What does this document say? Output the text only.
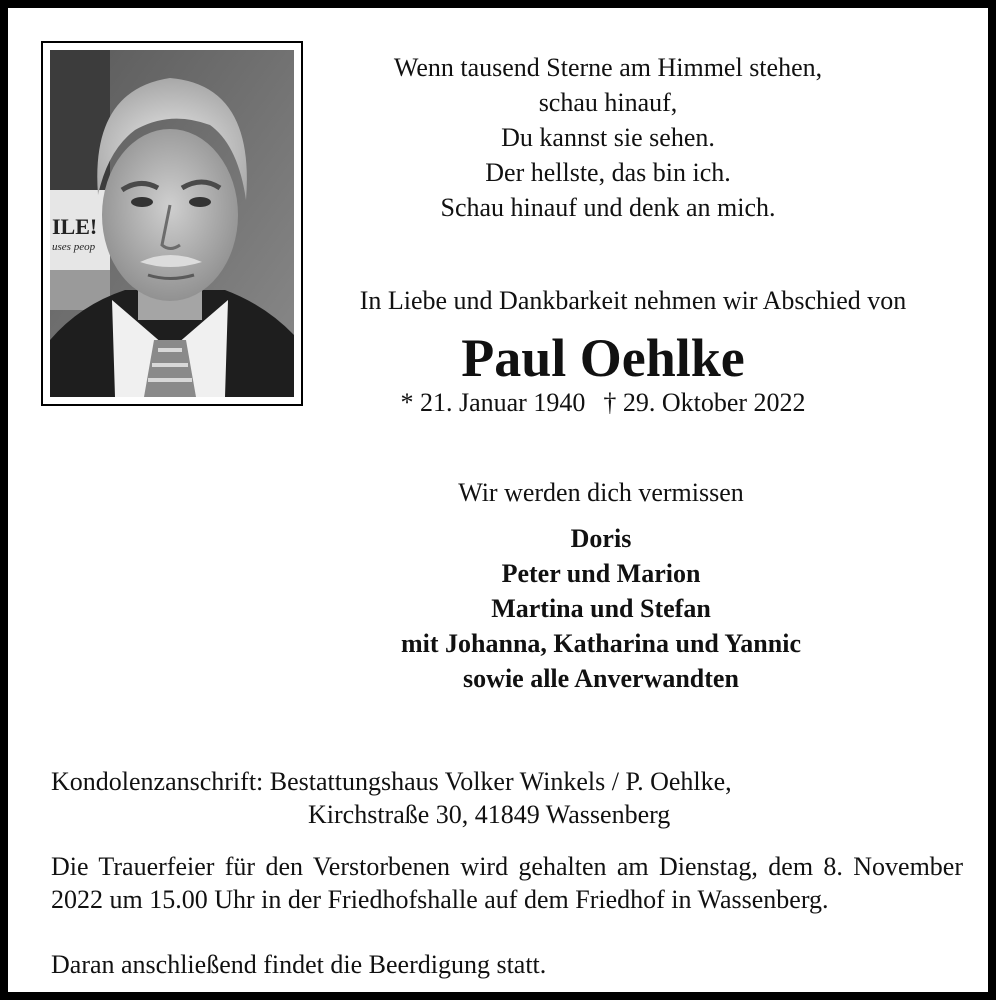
ILE!
uses peop
Wenn tausend Sterne am Himmel stehen,
schau hinauf,
Du kannst sie sehen.
Der hellste, das bin ich.
Schau hinauf und denk an mich.
In Liebe und Dankbarkeit nehmen wir Abschied von
Paul Oehlke
* 21. Januar 1940 † 29. Oktober 2022
Wir werden dich vermissen
Doris
Peter und Marion
Martina und Stefan
mit Johanna, Katharina und Yannic
sowie alle Anverwandten
Kondolenzanschrift: Bestattungshaus Volker Winkels / P. Oehlke,
Kirchstraße 30, 41849 Wassenberg
Die Trauerfeier für den Verstorbenen wird gehalten am Dienstag, dem 8. November 2022 um 15.00 Uhr in der Friedhofshalle auf dem Friedhof in Wassenberg.
Daran anschließend findet die Beerdigung statt.
